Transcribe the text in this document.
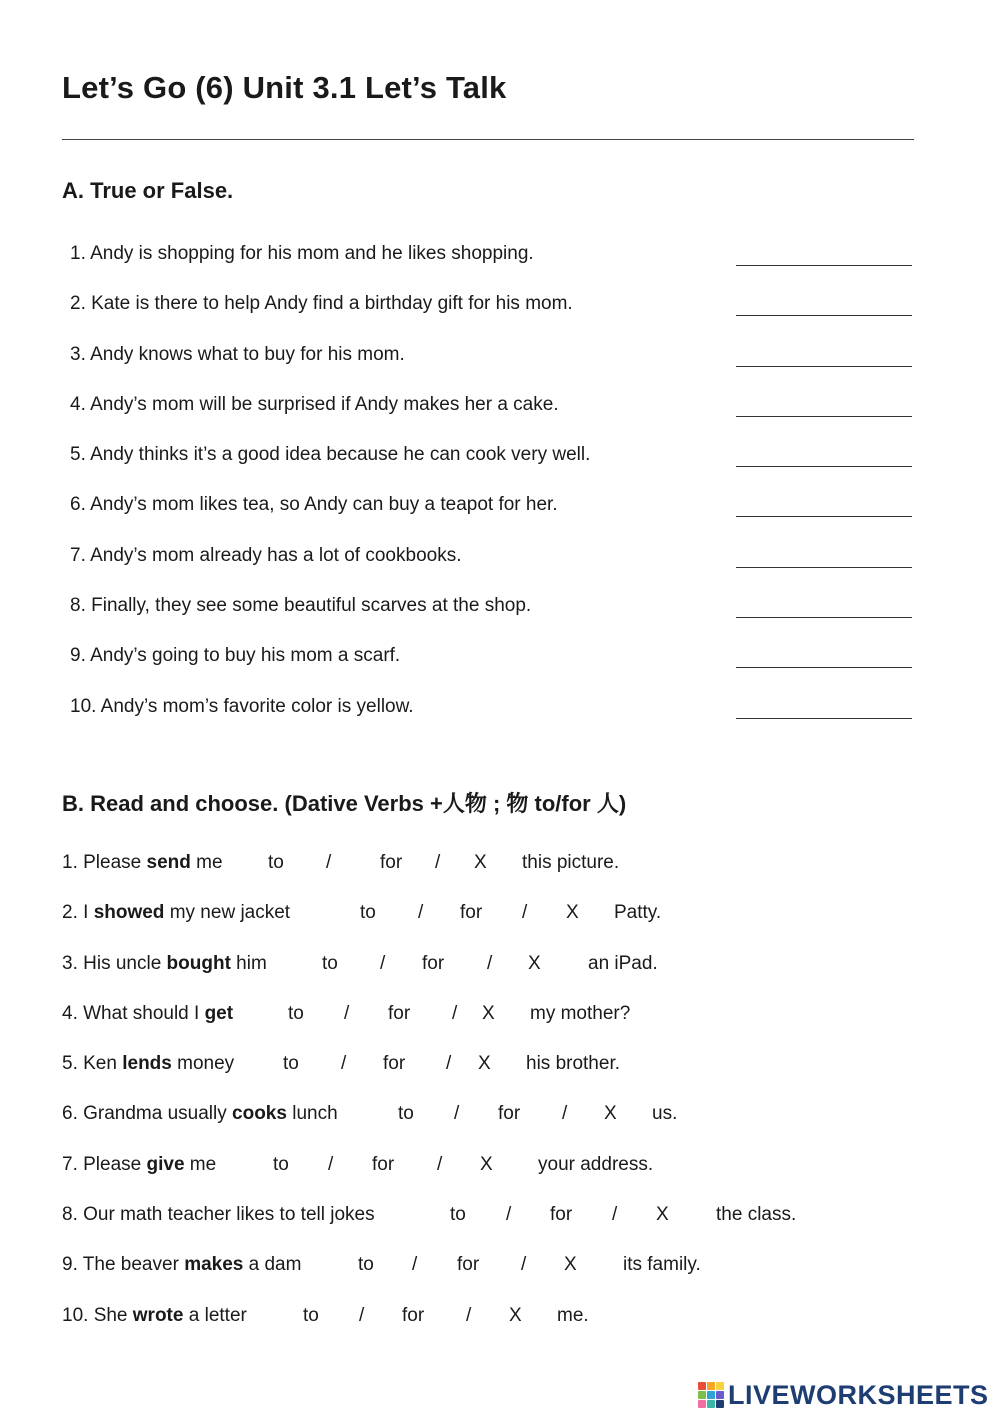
Let’s Go (6) Unit 3.1 Let’s Talk
A. True or False.
1. Andy is shopping for his mom and he likes shopping.
2. Kate is there to help Andy find a birthday gift for his mom.
3. Andy knows what to buy for his mom.
4. Andy’s mom will be surprised if Andy makes her a cake.
5. Andy thinks it’s a good idea because he can cook very well.
6. Andy’s mom likes tea, so Andy can buy a teapot for her.
7. Andy’s mom already has a lot of cookbooks.
8. Finally, they see some beautiful scarves at the shop.
9. Andy’s going to buy his mom a scarf.
10. Andy’s mom’s favorite color is yellow.
B. Read and choose. (Dative Verbs +人物 ; 物 to/for 人)
1. Please send me to /	for / X this picture.
2. I showed my new jacket	to / for / X Patty.
3. His uncle bought him	to / for / X an iPad.
4. What should I get	to / for / X my mother?
5. Ken lends money	to / for / X his brother.
6. Grandma usually cooks lunch	to / for / X us.
7. Please give me	to / for / X your address.
8. Our math teacher likes to tell jokes	to / for / X the class.
9. The beaver makes a dam	to / for / X its family.
10. She wrote a letter	to / for / X me.
LIVEWORKSHEETS
